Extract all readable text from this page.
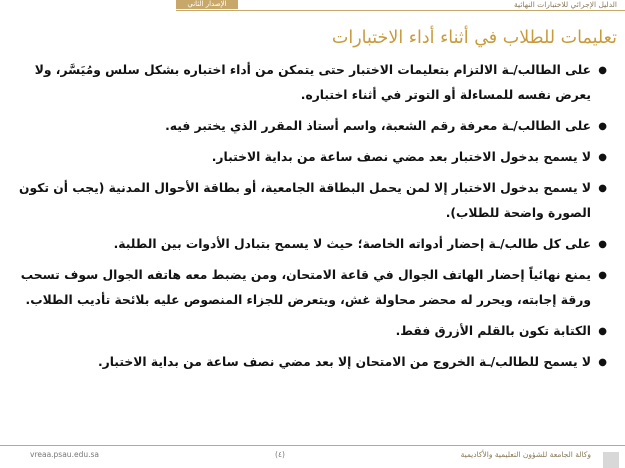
الإصدار الثاني	الدليل الإجرائي للاختبارات النهائية
تعليمات للطلاب في أثناء أداء الاختبارات
●
على الطالب/ـة الالتزام بتعليمات الاختبار حتى يتمكن من أداء اختباره بشكل سلس ومُيَسَّر، ولا يعرض نفسه للمساءلة أو التوتر في أثناء اختباره.
●
على الطالب/ـة معرفة رقم الشعبة، واسم أستاذ المقرر الذي يختبر فيه.
●
لا يسمح بدخول الاختبار بعد مضي نصف ساعة من بداية الاختبار.
●
لا يسمح بدخول الاختبار إلا لمن يحمل البطاقة الجامعية، أو بطاقة الأحوال المدنية (يجب أن تكون الصورة واضحة للطلاب).
●
على كل طالب/ـة إحضار أدواته الخاصة؛ حيث لا يسمح بتبادل الأدوات بين الطلبة.
●
يمنع نهائياً إحضار الهاتف الجوال في قاعة الامتحان، ومن يضبط معه هاتفه الجوال سوف تسحب ورقة إجابته، ويحرر له محضر محاولة غش، ويتعرض للجزاء المنصوص عليه بلائحة تأديب الطلاب.
●
الكتابة تكون بالقلم الأزرق فقط.
●
لا يسمح للطالب/ـة الخروج من الامتحان إلا بعد مضي نصف ساعة من بداية الاختبار.
vreaa.psau.edu.sa	(٤)	وكالة الجامعة للشؤون التعليمية والأكاديمية
